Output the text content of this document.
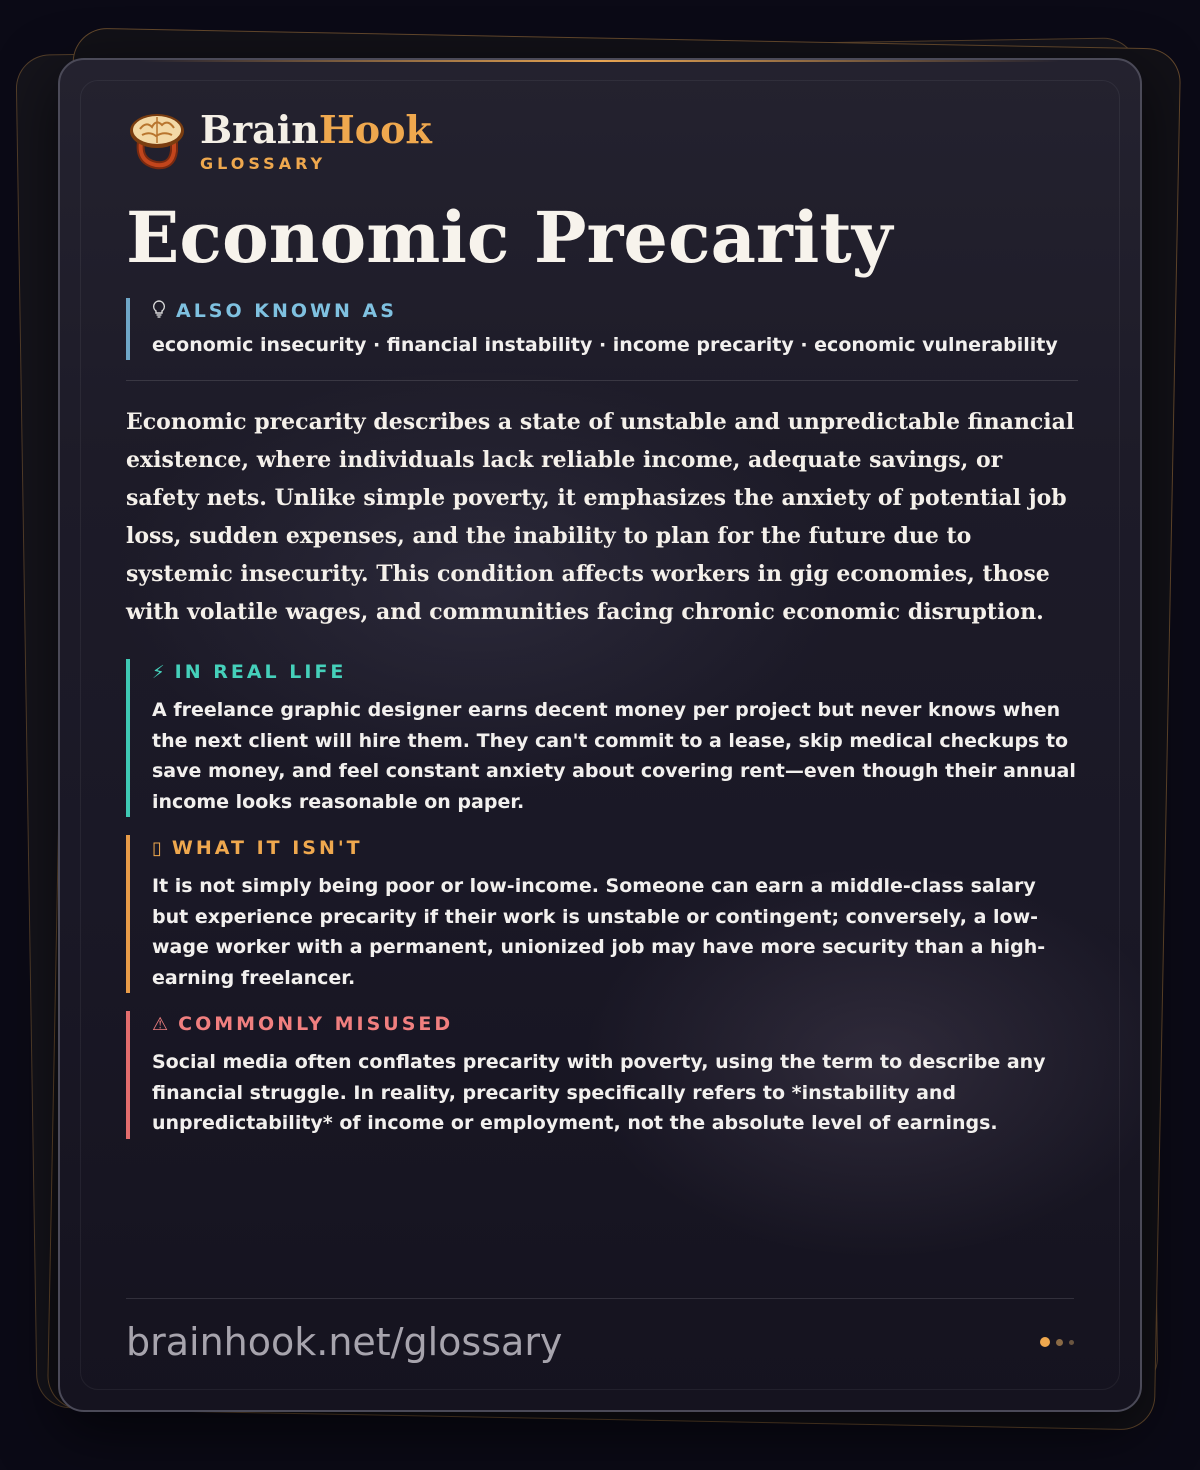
BrainHook
GLOSSARY
Economic Precarity
ALSO KNOWN AS
economic insecurity · financial instability · income precarity · economic vulnerability

Economic precarity describes a state of unstable and unpredictable financial existence, where individuals lack reliable income, adequate savings, or safety nets. Unlike simple poverty, it emphasizes the anxiety of potential job loss, sudden expenses, and the inability to plan for the future due to systemic insecurity. This condition affects workers in gig economies, those with volatile wages, and communities facing chronic economic disruption.

⚡ IN REAL LIFE
A freelance graphic designer earns decent money per project but never knows when the next client will hire them. They can't commit to a lease, skip medical checkups to save money, and feel constant anxiety about covering rent—even though their annual income looks reasonable on paper.
▯ WHAT IT ISN'T
It is not simply being poor or low-income. Someone can earn a middle-class salary but experience precarity if their work is unstable or contingent; conversely, a low-wage worker with a permanent, unionized job may have more security than a high-earning freelancer.
⚠ COMMONLY MISUSED
Social media often conflates precarity with poverty, using the term to describe any financial struggle. In reality, precarity specifically refers to *instability and unpredictability* of income or employment, not the absolute level of earnings.
brainhook.net/glossary
